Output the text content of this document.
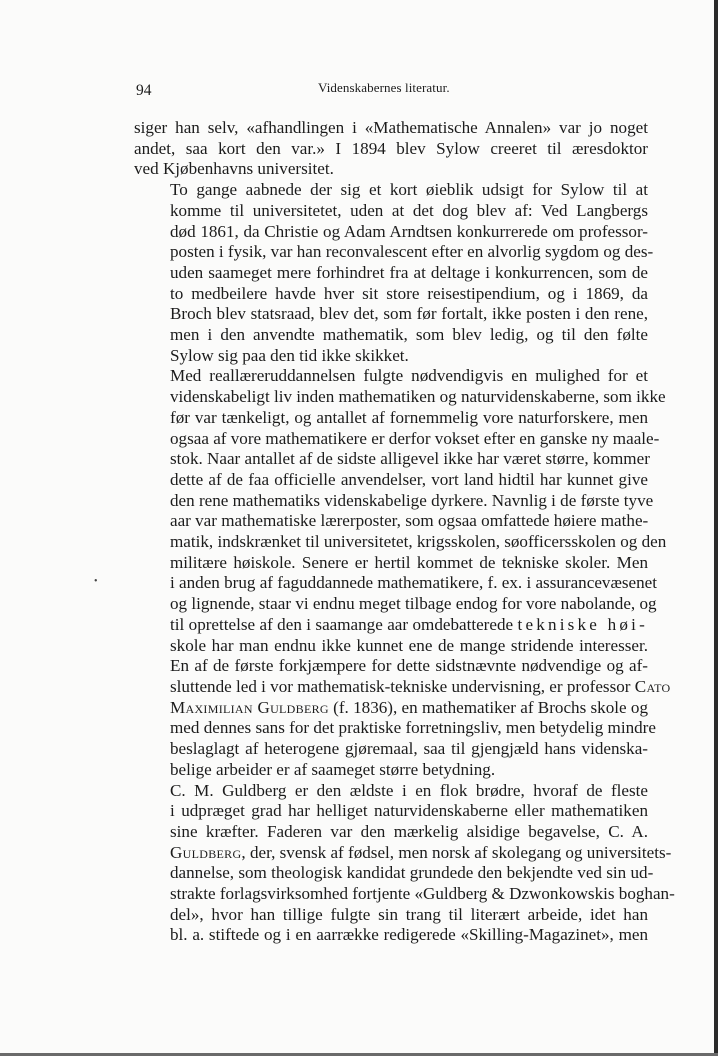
94	Videnskabernes literatur.
•

siger han selv, «afhandlingen i «Mathematische Annalen» var jo noget
andet, saa kort den var.» I 1894 blev Sylow creeret til æresdoktor
ved Kjøbenhavns universitet.

To gange aabnede der sig et kort øieblik udsigt for Sylow til at
komme til universitetet, uden at det dog blev af: Ved Langbergs
død 1861, da Christie og Adam Arndtsen konkurrerede om professor-
posten i fysik, var han reconvalescent efter en alvorlig sygdom og des-
uden saameget mere forhindret fra at deltage i konkurrencen, som de
to medbeilere havde hver sit store reisestipendium, og i 1869, da
Broch blev statsraad, blev det, som før fortalt, ikke posten i den rene,
men i den anvendte mathematik, som blev ledig, og til den følte
Sylow sig paa den tid ikke skikket.

Med reallæreruddannelsen fulgte nødvendigvis en mulighed for et
videnskabeligt liv inden mathematiken og naturvidenskaberne, som ikke
før var tænkeligt, og antallet af fornemmelig vore naturforskere, men
ogsaa af vore mathematikere er derfor vokset efter en ganske ny maale-
stok. Naar antallet af de sidste alligevel ikke har været større, kommer
dette af de faa officielle anvendelser, vort land hidtil har kunnet give
den rene mathematiks videnskabelige dyrkere. Navnlig i de første tyve
aar var mathematiske lærerposter, som ogsaa omfattede høiere mathe-
matik, indskrænket til universitetet, krigsskolen, søofficersskolen og den
militære høiskole. Senere er hertil kommet de tekniske skoler. Men
i anden brug af faguddannede mathematikere, f. ex. i assurancevæsenet
og lignende, staar vi endnu meget tilbage endog for vore nabolande, og
til oprettelse af den i saamange aar omdebatterede tekniske høi-
skole har man endnu ikke kunnet ene de mange stridende interesser.
En af de første forkjæmpere for dette sidstnævnte nødvendige og af-
sluttende led i vor mathematisk-tekniske undervisning, er professor Cato
Maximilian Guldberg (f. 1836), en mathematiker af Brochs skole og
med dennes sans for det praktiske forretningsliv, men betydelig mindre
beslaglagt af heterogene gjøremaal, saa til gjengjæld hans videnska-
belige arbeider er af saameget større betydning.

C. M. Guldberg er den ældste i en flok brødre, hvoraf de fleste
i udpræget grad har helliget naturvidenskaberne eller mathematiken
sine kræfter. Faderen var den mærkelig alsidige begavelse, C. A.
Guldberg, der, svensk af fødsel, men norsk af skolegang og universitets-
dannelse, som theologisk kandidat grundede den bekjendte ved sin ud-
strakte forlagsvirksomhed fortjente «Guldberg & Dzwonkowskis boghan-
del», hvor han tillige fulgte sin trang til literært arbeide, idet han
bl. a. stiftede og i en aarrække redigerede «Skilling-Magazinet», men
